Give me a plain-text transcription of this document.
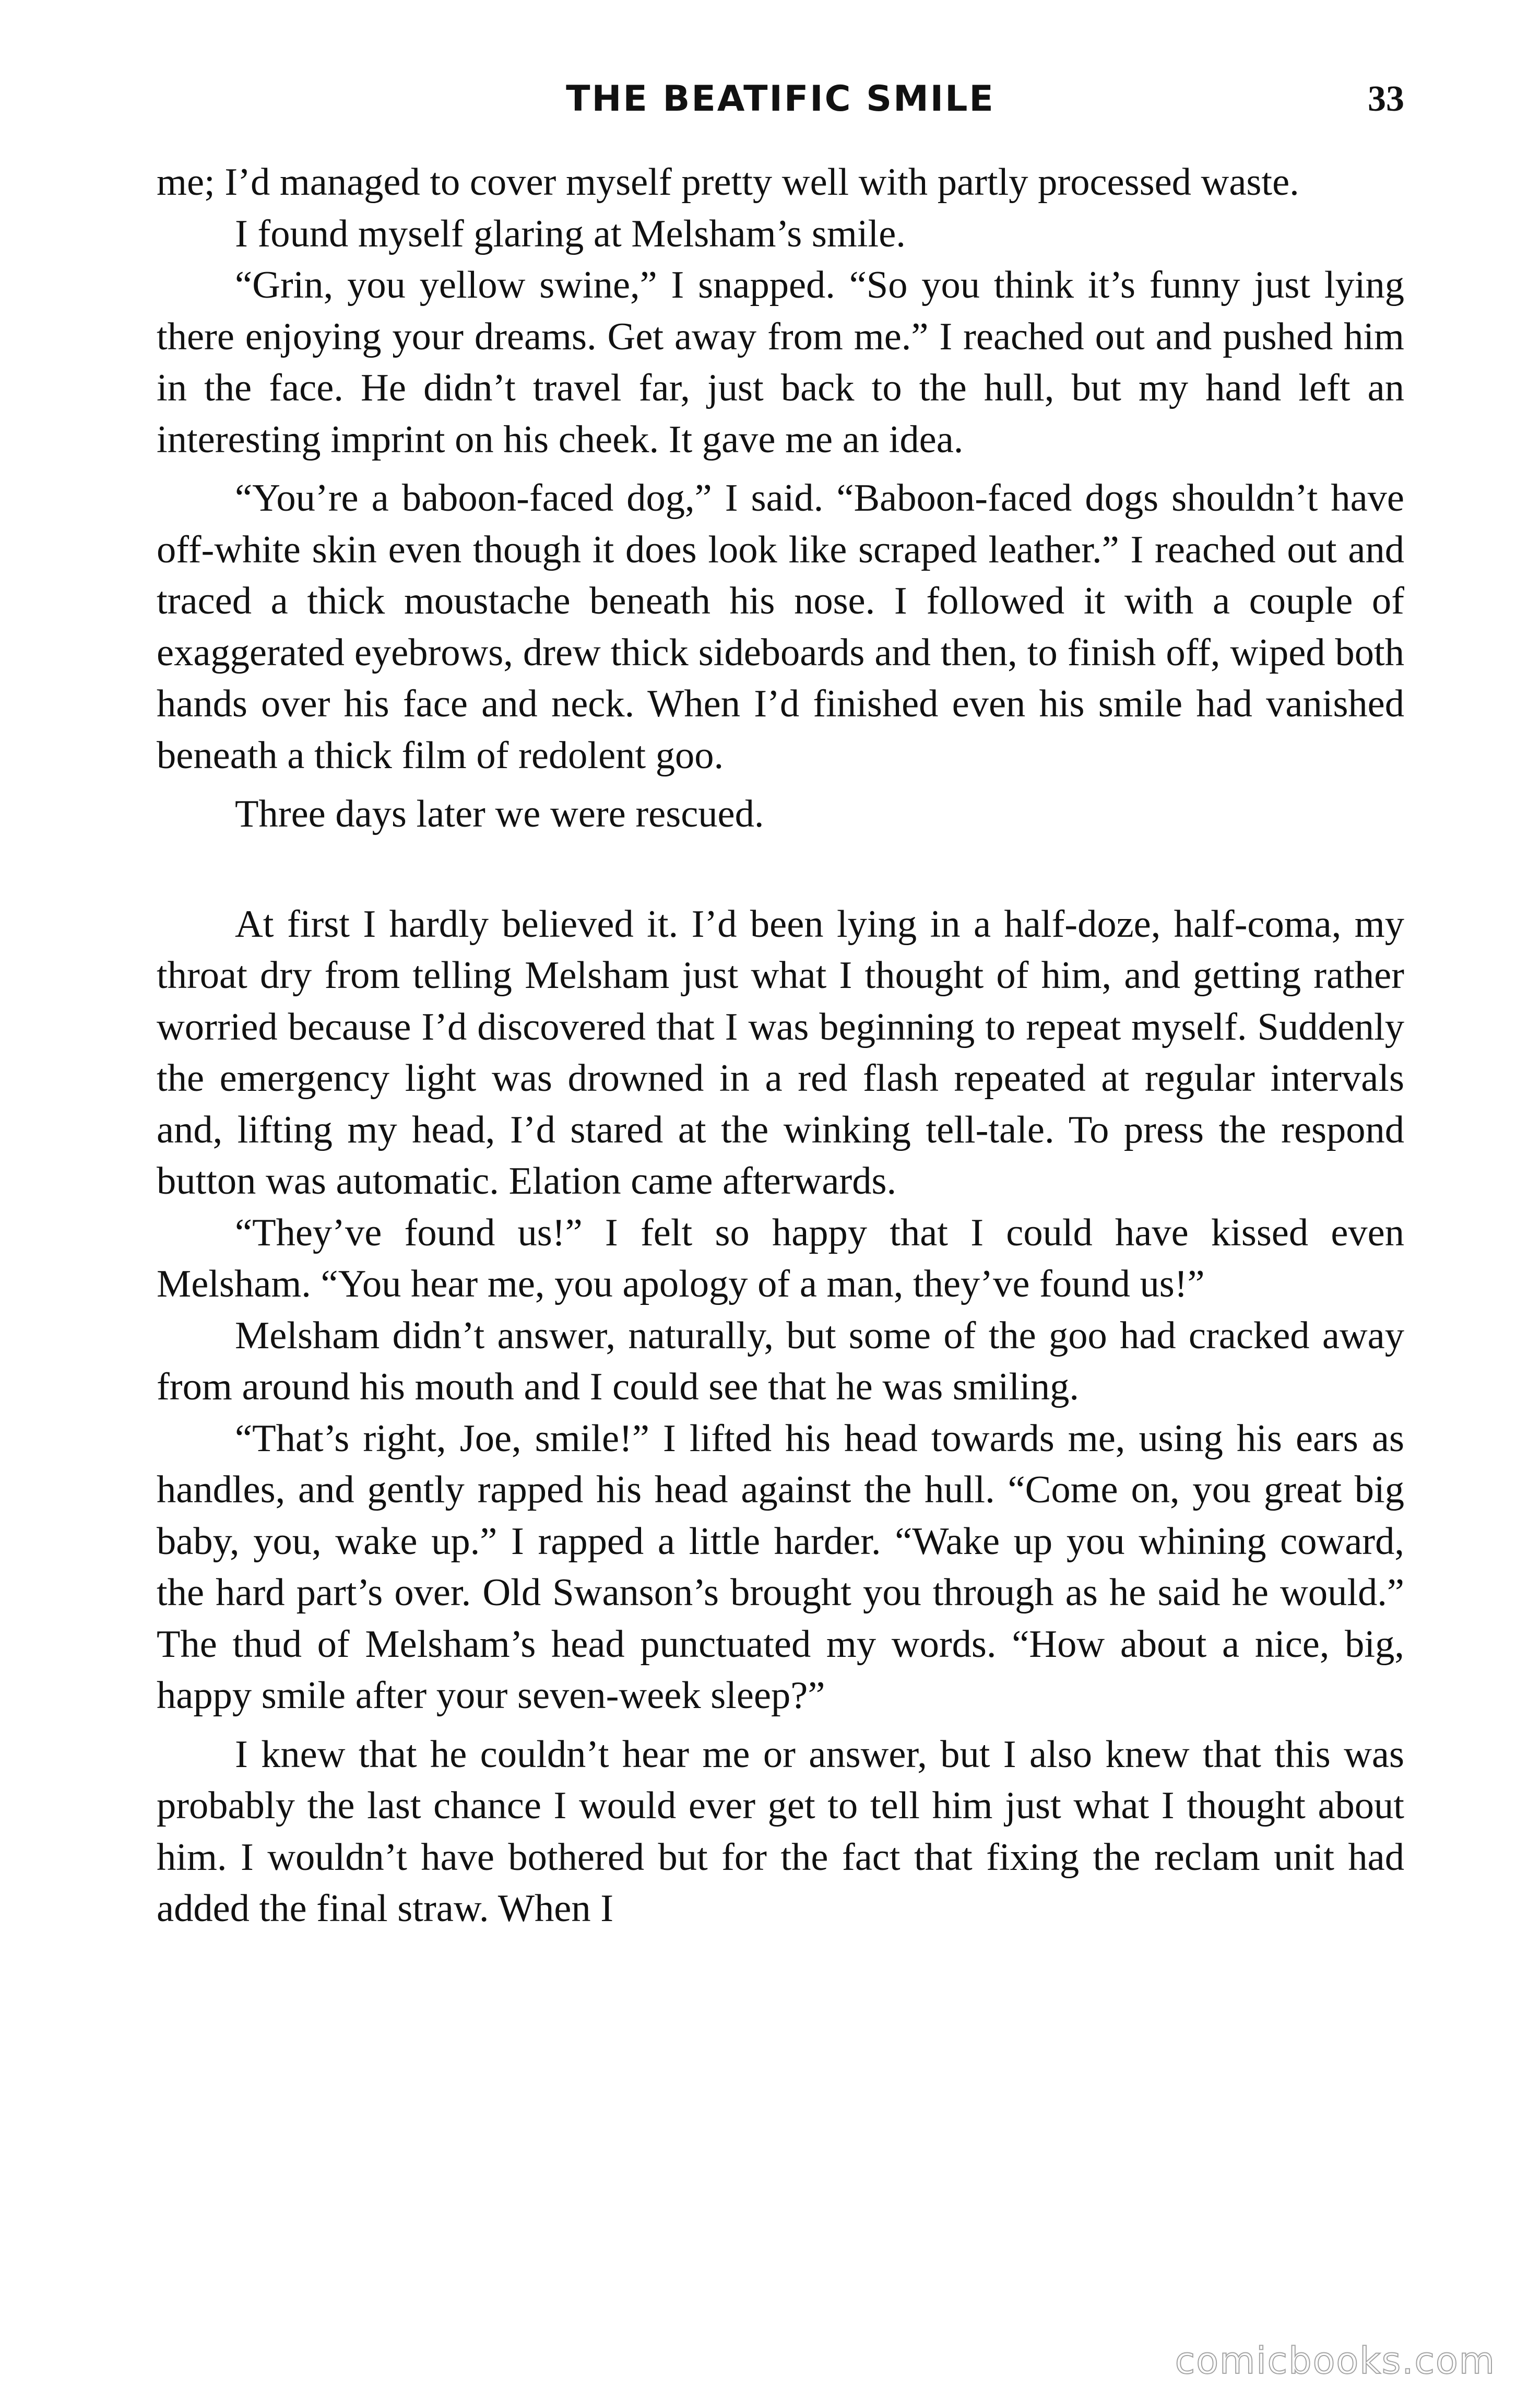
THE BEATIFIC SMILE	33

me; I’d managed to cover myself pretty well with partly processed waste.

I found myself glaring at Melsham’s smile.

“Grin, you yellow swine,” I snapped. “So you think it’s funny just lying there enjoying your dreams. Get away from me.” I reached out and pushed him in the face. He didn’t travel far, just back to the hull, but my hand left an interesting imprint on his cheek. It gave me an idea.

“You’re a baboon-faced dog,” I said. “Baboon-faced dogs shouldn’t have off-white skin even though it does look like scraped leather.” I reached out and traced a thick moustache beneath his nose. I followed it with a couple of exaggerated eyebrows, drew thick sideboards and then, to finish off, wiped both hands over his face and neck. When I’d finished even his smile had vanished beneath a thick film of redolent goo.

Three days later we were rescued.

At first I hardly believed it. I’d been lying in a half-doze, half-coma, my throat dry from telling Melsham just what I thought of him, and getting rather worried because I’d discovered that I was beginning to repeat myself. Suddenly the emergency light was drowned in a red flash repeated at regular intervals and, lifting my head, I’d stared at the winking tell-tale. To press the respond button was automatic. Elation came afterwards.

“They’ve found us!” I felt so happy that I could have kissed even Melsham. “You hear me, you apology of a man, they’ve found us!”

Melsham didn’t answer, naturally, but some of the goo had cracked away from around his mouth and I could see that he was smiling.

“That’s right, Joe, smile!” I lifted his head towards me, using his ears as handles, and gently rapped his head against the hull. “Come on, you great big baby, you, wake up.” I rapped a little harder. “Wake up you whining coward, the hard part’s over. Old Swanson’s brought you through as he said he would.” The thud of Melsham’s head punctuated my words. “How about a nice, big, happy smile after your seven-week sleep?”

I knew that he couldn’t hear me or answer, but I also knew that this was probably the last chance I would ever get to tell him just what I thought about him. I wouldn’t have bothered but for the fact that fixing the reclam unit had added the final straw. When I

comicbooks.com
